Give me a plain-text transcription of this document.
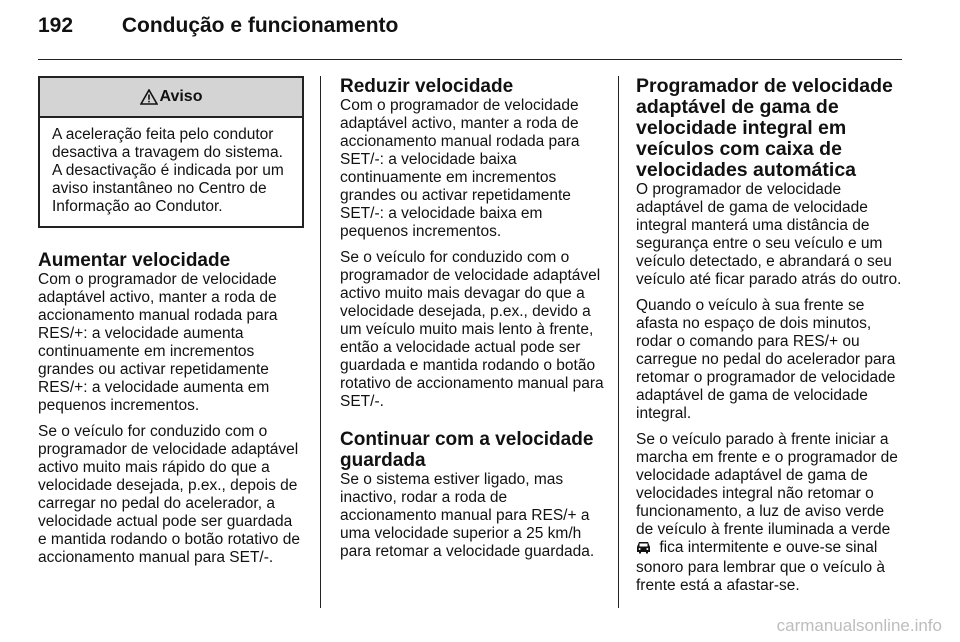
192 Condução e funcionamento
Aviso
A aceleração feita pelo condutor desactiva a travagem do sistema. A desactivação é indicada por um aviso instantâneo no Centro de Informação ao Condutor.
Aumentar velocidade

Com o programador de velocidade adaptável activo, manter a roda de accionamento manual rodada para RES/+: a velocidade aumenta continuamente em incrementos grandes ou activar repetidamente RES/+: a velocidade aumenta em pequenos incrementos.

Se o veículo for conduzido com o programador de velocidade adaptável activo muito mais rápido do que a velocidade desejada, p.ex., depois de carregar no pedal do acelerador, a velocidade actual pode ser guardada e mantida rodando o botão rotativo de accionamento manual para SET/-.

Reduzir velocidade

Com o programador de velocidade adaptável activo, manter a roda de accionamento manual rodada para SET/-: a velocidade baixa continuamente em incrementos grandes ou activar repetidamente SET/-: a velocidade baixa em pequenos incrementos.

Se o veículo for conduzido com o programador de velocidade adaptável activo muito mais devagar do que a velocidade desejada, p.ex., devido a um veículo muito mais lento à frente, então a velocidade actual pode ser guardada e mantida rodando o botão rotativo de accionamento manual para SET/-.

Continuar com a velocidade guardada

Se o sistema estiver ligado, mas inactivo, rodar a roda de accionamento manual para RES/+ a uma velocidade superior a 25 km/h para retomar a velocidade guardada.

Programador de velocidade adaptável de gama de velocidade integral em veículos com caixa de velocidades automática

O programador de velocidade adaptável de gama de velocidade integral manterá uma distância de segurança entre o seu veículo e um veículo detectado, e abrandará o seu veículo até ficar parado atrás do outro.

Quando o veículo à sua frente se afasta no espaço de dois minutos, rodar o comando para RES/+ ou carregue no pedal do acelerador para retomar o programador de velocidade adaptável de gama de velocidade integral.

Se o veículo parado à frente iniciar a marcha em frente e o programador de velocidade adaptável de gama de velocidades integral não retomar o funcionamento, a luz de aviso verde de veículo à frente iluminada a verde  fica intermitente e ouve-se sinal sonoro para lembrar que o veículo à frente está a afastar-se.

carmanualsonline.info
